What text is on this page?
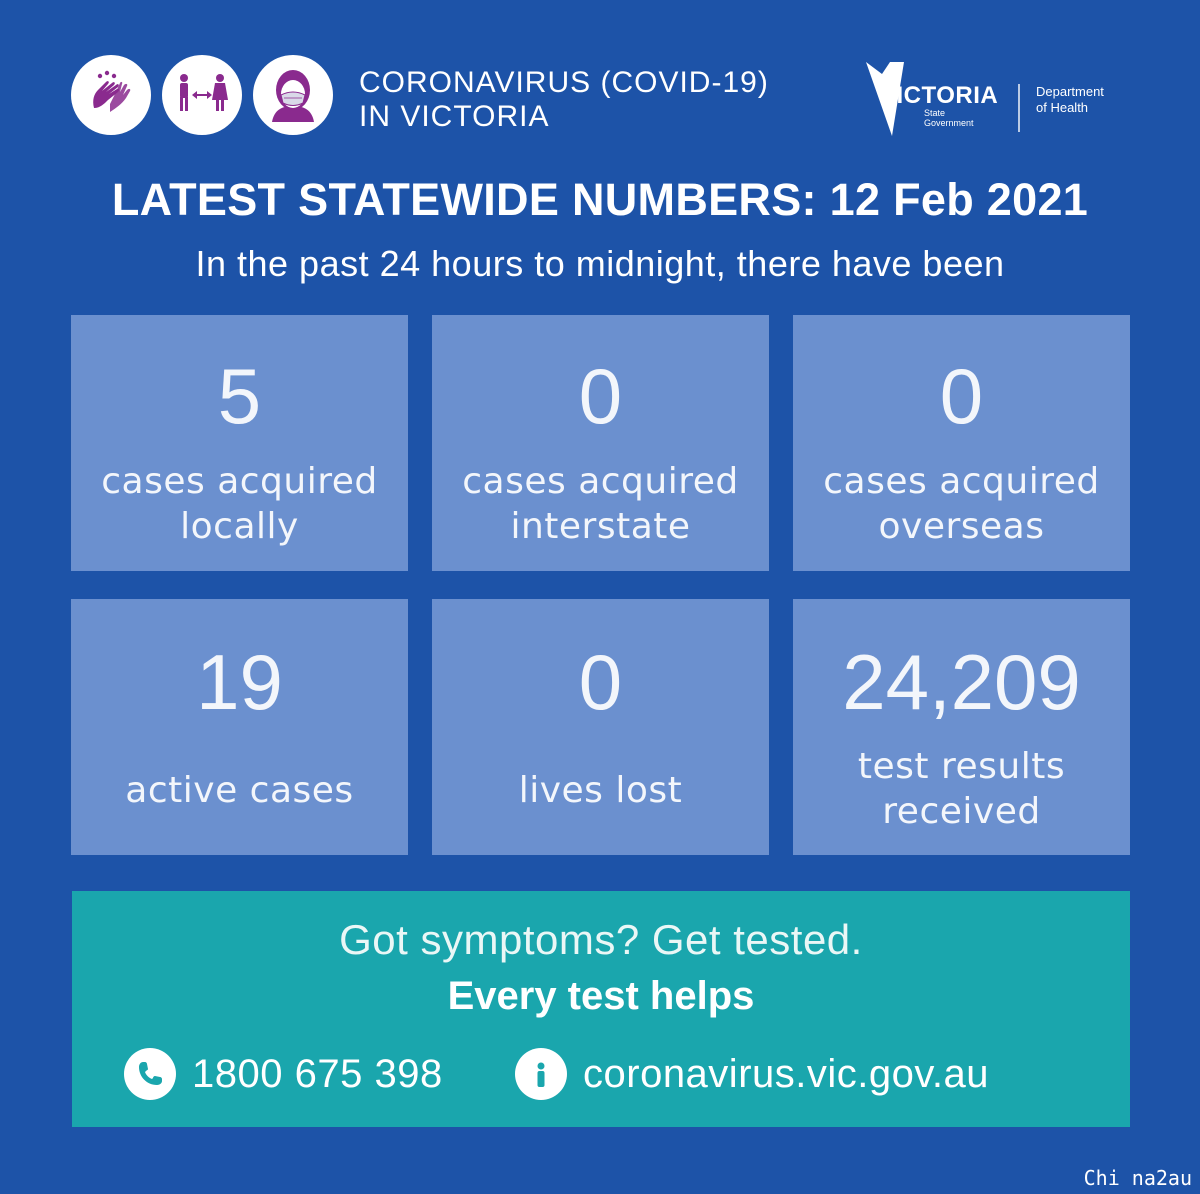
CORONAVIRUS (COVID-19)
IN VICTORIA
VICTORIA
State
Government
Department
of Health
LATEST STATEWIDE NUMBERS: 12 Feb 2021
In the past 24 hours to midnight, there have been
5
cases acquired
locally
0
cases acquired
interstate
0
cases acquired
overseas
19
active cases
0
lives lost
24,209
test results
received
Got symptoms? Get tested.
Every test helps
1800 675 398	coronavirus.vic.gov.au
Chi na2au
